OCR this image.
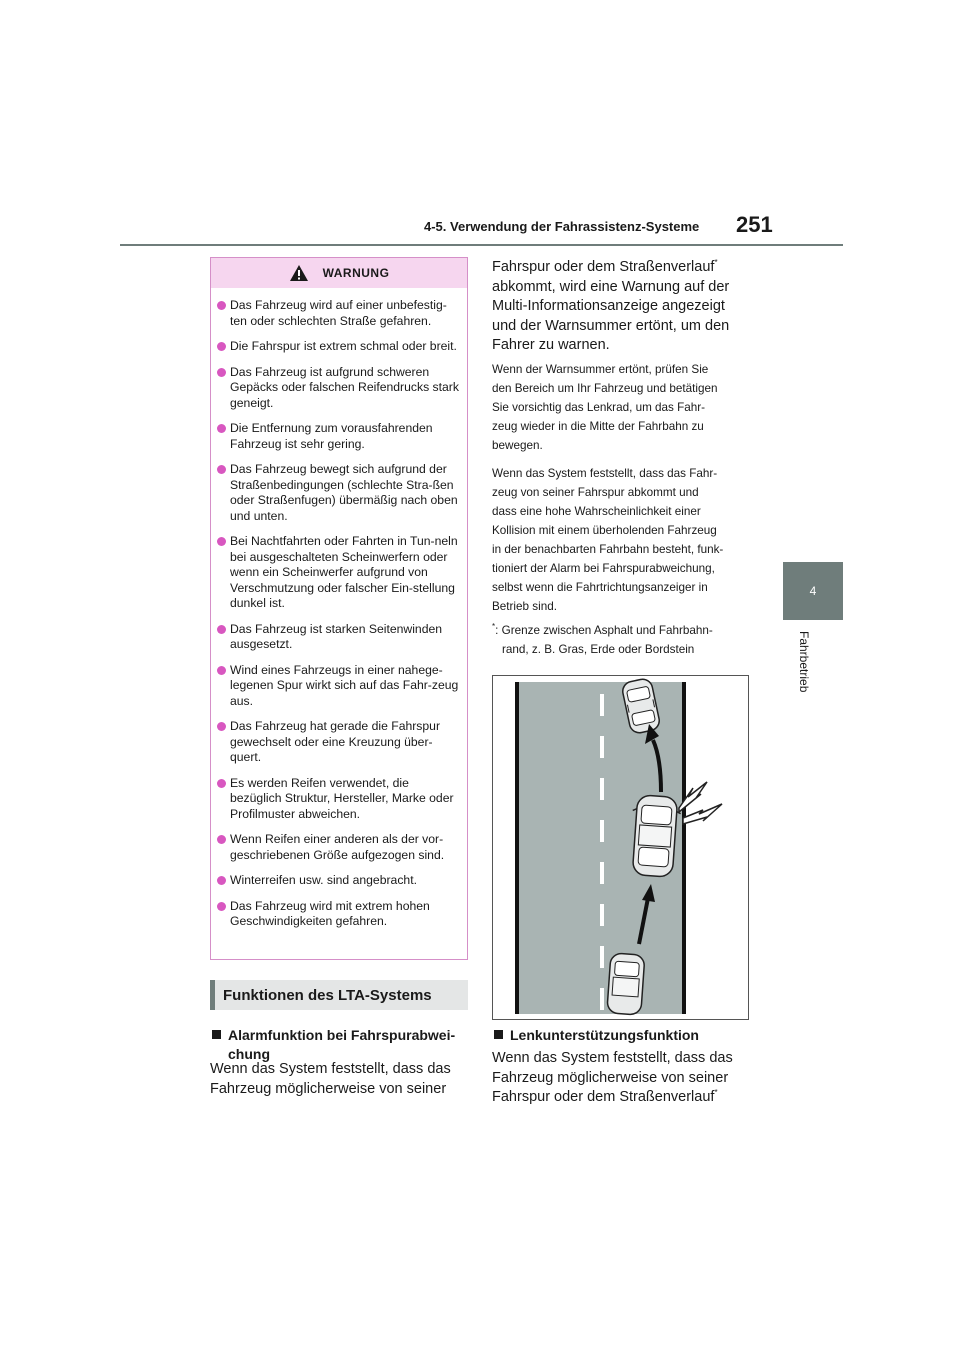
4-5. Verwendung der Fahrassistenz-Systeme 251
4
Fahrbetrieb
WARNUNG
Das Fahrzeug wird auf einer unbefestig-ten oder schlechten Straße gefahren.
Die Fahrspur ist extrem schmal oder breit.
Das Fahrzeug ist aufgrund schweren Gepäcks oder falschen Reifendrucks stark geneigt.
Die Entfernung zum vorausfahrenden Fahrzeug ist sehr gering.
Das Fahrzeug bewegt sich aufgrund der Straßenbedingungen (schlechte Stra-ßen oder Straßenfugen) übermäßig nach oben und unten.
Bei Nachtfahrten oder Fahrten in Tun-neln bei ausgeschalteten Scheinwerfern oder wenn ein Scheinwerfer aufgrund von Verschmutzung oder falscher Ein-stellung dunkel ist.
Das Fahrzeug ist starken Seitenwinden ausgesetzt.
Wind eines Fahrzeugs in einer nahege-legenen Spur wirkt sich auf das Fahr-zeug aus.
Das Fahrzeug hat gerade die Fahrspur gewechselt oder eine Kreuzung über-quert.
Es werden Reifen verwendet, die bezüglich Struktur, Hersteller, Marke oder Profilmuster abweichen.
Wenn Reifen einer anderen als der vor-geschriebenen Größe aufgezogen sind.
Winterreifen usw. sind angebracht.
Das Fahrzeug wird mit extrem hohen Geschwindigkeiten gefahren.
Funktionen des LTA-Systems
Alarmfunktion bei Fahrspurabwei-
chung
Wenn das System feststellt, dass das
Fahrzeug möglicherweise von seiner
Fahrspur oder dem Straßenverlauf*
abkommt, wird eine Warnung auf der
Multi-Informationsanzeige angezeigt
und der Warnsummer ertönt, um den
Fahrer zu warnen.
Wenn der Warnsummer ertönt, prüfen Sie
den Bereich um Ihr Fahrzeug und betätigen
Sie vorsichtig das Lenkrad, um das Fahr-
zeug wieder in die Mitte der Fahrbahn zu
bewegen.
Wenn das System feststellt, dass das Fahr-
zeug von seiner Fahrspur abkommt und
dass eine hohe Wahrscheinlichkeit einer
Kollision mit einem überholenden Fahrzeug
in der benachbarten Fahrbahn besteht, funk-
tioniert der Alarm bei Fahrspurabweichung,
selbst wenn die Fahrtrichtungsanzeiger in
Betrieb sind.
*: Grenze zwischen Asphalt und Fahrbahn-
rand, z. B. Gras, Erde oder Bordstein
Lenkunterstützungsfunktion
Wenn das System feststellt, dass das
Fahrzeug möglicherweise von seiner
Fahrspur oder dem Straßenverlauf*
